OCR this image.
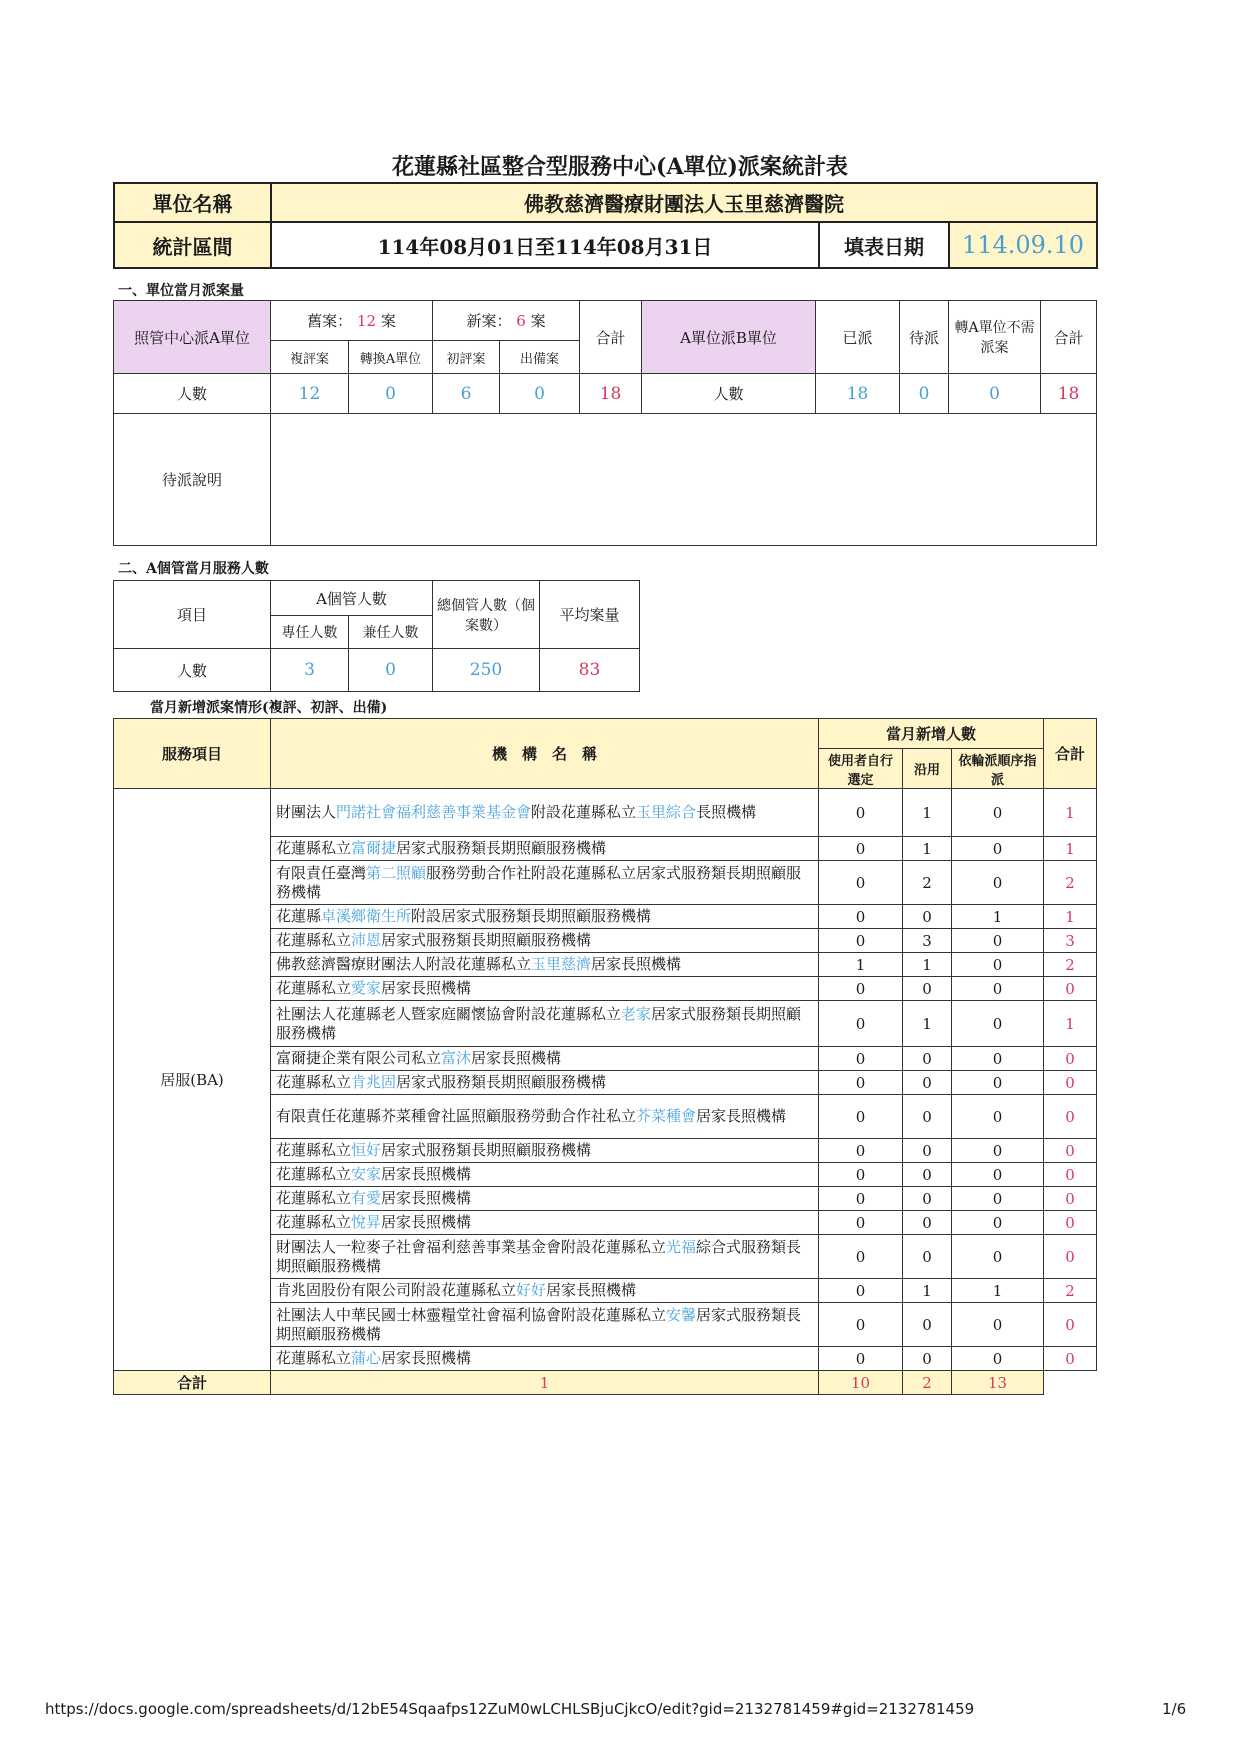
花蓮縣社區整合型服務中心(A單位)派案統計表
單位名稱	佛教慈濟醫療財團法人玉里慈濟醫院		
統計區間	114年08月01日至114年08月31日	填表日期	114.09.10
一、單位當月派案量
照管中心派A單位	舊案： 12 案		新案： 6 案		合計	A單位派B單位	已派	待派	轉A單位不需派案	合計
	複評案	轉換A單位	初評案	出備案						
人數	12	0	6	0	18	人數	18	0	0	18
待派說明										
二、A個管當月服務人數
項目	A個管人數		總個管人數（個案數）	平均案量
	專任人數	兼任人數		
人數	3	0	250	83
當月新增派案情形(複評、初評、出備)
服務項目	機　構　名　稱	當月新增人數			合計
		使用者自行選定	沿用	依輪派順序指派	
居服(BA)	財團法人門諾社會福利慈善事業基金會附設花蓮縣私立玉里綜合長照機構	0	1	0	1
	花蓮縣私立富爾捷居家式服務類長期照顧服務機構	0	1	0	1
	有限責任臺灣第二照顧服務勞動合作社附設花蓮縣私立居家式服務類長期照顧服務機構	0	2	0	2
	花蓮縣卓溪鄉衛生所附設居家式服務類長期照顧服務機構	0	0	1	1
	花蓮縣私立沛恩居家式服務類長期照顧服務機構	0	3	0	3
	佛教慈濟醫療財團法人附設花蓮縣私立玉里慈濟居家長照機構	1	1	0	2
	花蓮縣私立愛家居家長照機構	0	0	0	0
	社團法人花蓮縣老人暨家庭關懷協會附設花蓮縣私立老家居家式服務類長期照顧服務機構	0	1	0	1
	富爾捷企業有限公司私立富沐居家長照機構	0	0	0	0
	花蓮縣私立肯兆固居家式服務類長期照顧服務機構	0	0	0	0
	有限責任花蓮縣芥菜種會社區照顧服務勞動合作社私立芥菜種會居家長照機構	0	0	0	0
	花蓮縣私立恒好居家式服務類長期照顧服務機構	0	0	0	0
	花蓮縣私立安家居家長照機構	0	0	0	0
	花蓮縣私立有愛居家長照機構	0	0	0	0
	花蓮縣私立悅昇居家長照機構	0	0	0	0
	財團法人一粒麥子社會福利慈善事業基金會附設花蓮縣私立光福綜合式服務類長期照顧服務機構	0	0	0	0
	肯兆固股份有限公司附設花蓮縣私立好好居家長照機構	0	1	1	2
	社團法人中華民國士林靈糧堂社會福利協會附設花蓮縣私立安馨居家式服務類長期照顧服務機構	0	0	0	0
	花蓮縣私立蒲心居家長照機構	0	0	0	0
合計	1	10	2	13	
https://docs.google.com/spreadsheets/d/12bE54Sqaafps12ZuM0wLCHLSBjuCjkcO/edit?gid=2132781459#gid=2132781459	1/6
